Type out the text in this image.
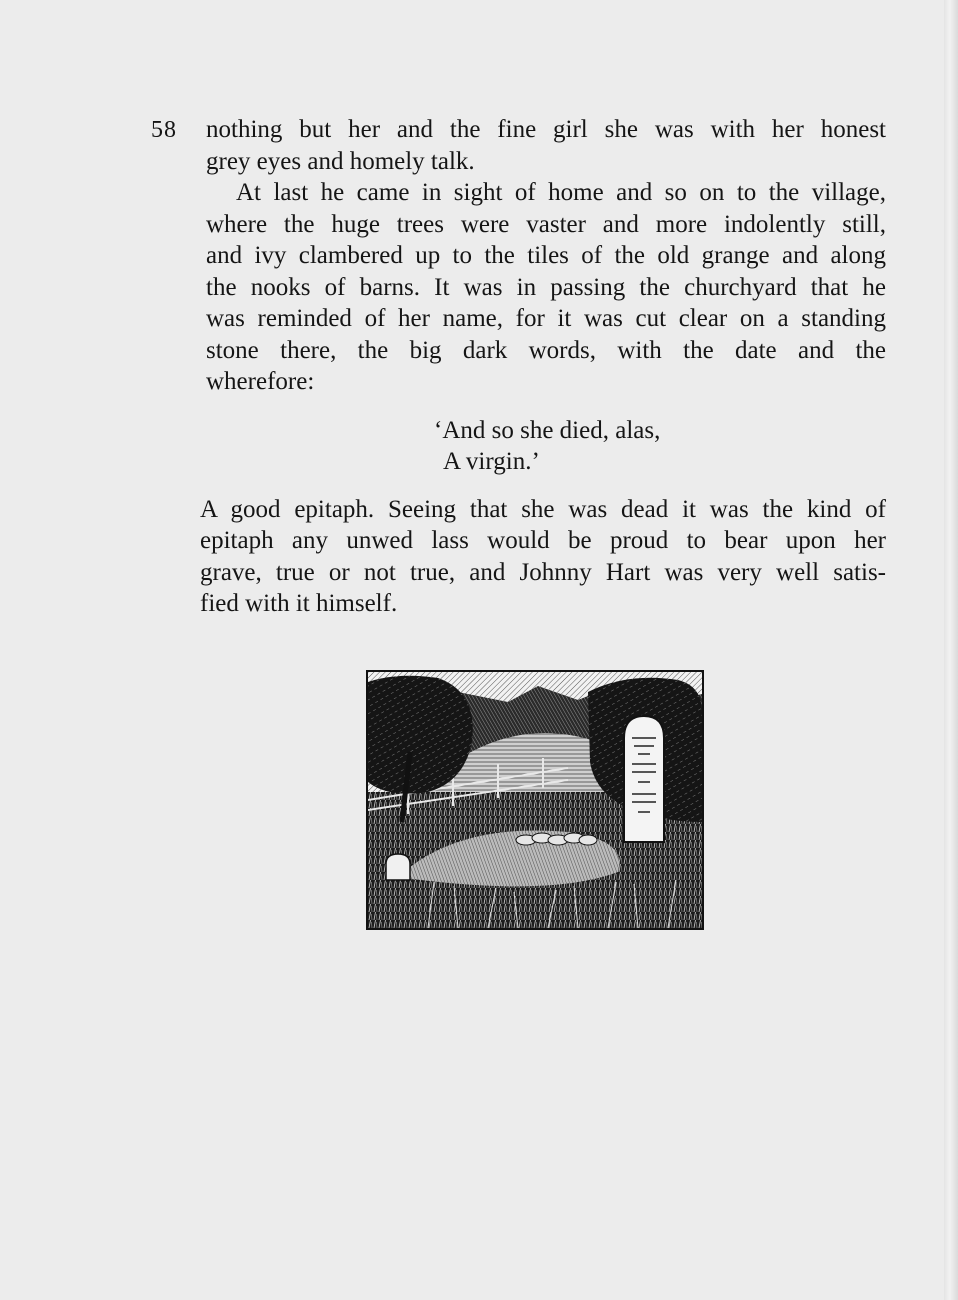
58 nothing but her and the fine girl she was with her honest
grey eyes and homely talk.
At last he came in sight of home and so on to the village,
where the huge trees were vaster and more indolently still,
and ivy clambered up to the tiles of the old grange and along
the nooks of barns. It was in passing the churchyard that he
was reminded of her name, for it was cut clear on a standing
stone there, the big dark words, with the date and the
wherefore:
‘And so she died, alas,
A virgin.’
A good epitaph. Seeing that she was dead it was the kind of
epitaph any unwed lass would be proud to bear upon her
grave, true or not true, and Johnny Hart was very well satis-
fied with it himself.
